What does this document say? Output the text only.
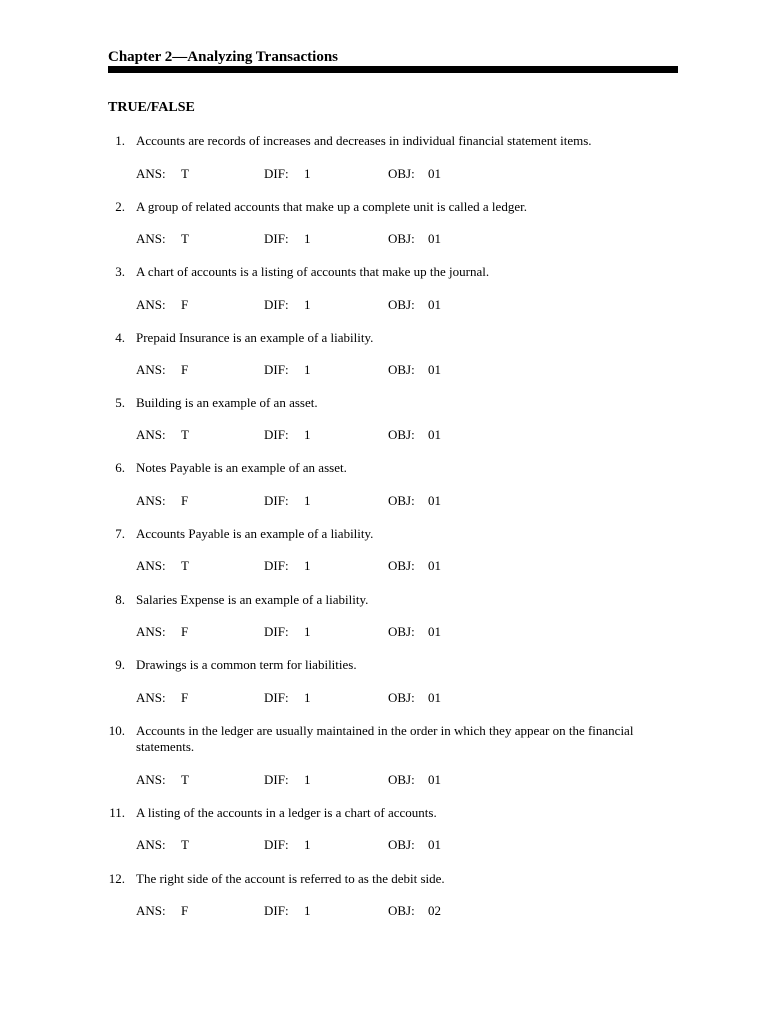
Chapter 2—Analyzing Transactions
TRUE/FALSE
1. Accounts are records of increases and decreases in individual financial statement items.
ANS: T	DIF: 1	OBJ: 01
2. A group of related accounts that make up a complete unit is called a ledger.
ANS: T	DIF: 1	OBJ: 01
3. A chart of accounts is a listing of accounts that make up the journal.
ANS: F	DIF: 1	OBJ: 01
4. Prepaid Insurance is an example of a liability.
ANS: F	DIF: 1	OBJ: 01
5. Building is an example of an asset.
ANS: T	DIF: 1	OBJ: 01
6. Notes Payable is an example of an asset.
ANS: F	DIF: 1	OBJ: 01
7. Accounts Payable is an example of a liability.
ANS: T	DIF: 1	OBJ: 01
8. Salaries Expense is an example of a liability.
ANS: F	DIF: 1	OBJ: 01
9. Drawings is a common term for liabilities.
ANS: F	DIF: 1	OBJ: 01
10. Accounts in the ledger are usually maintained in the order in which they appear on the financial statements.
ANS: T	DIF: 1	OBJ: 01
11. A listing of the accounts in a ledger is a chart of accounts.
ANS: T	DIF: 1	OBJ: 01
12. The right side of the account is referred to as the debit side.
ANS: F	DIF: 1	OBJ: 02
